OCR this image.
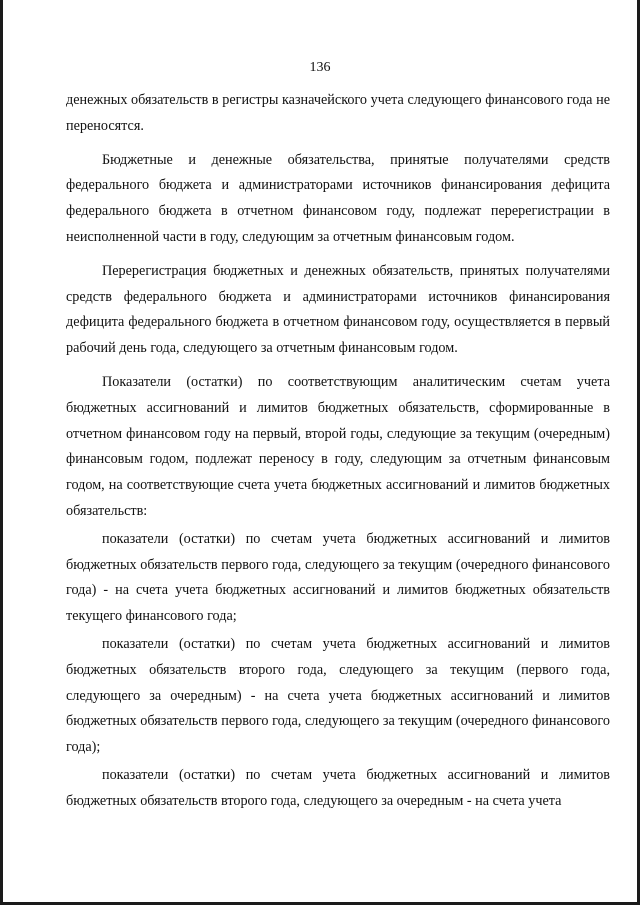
136

денежных обязательств в регистры казначейского учета следующего финансового года не переносятся.

Бюджетные и денежные обязательства, принятые получателями средств федерального бюджета и администраторами источников финансирования дефицита федерального бюджета в отчетном финансовом году, подлежат перерегистрации в неисполненной части в году, следующим за отчетным финансовым годом.

Перерегистрация бюджетных и денежных обязательств, принятых получателями средств федерального бюджета и администраторами источников финансирования дефицита федерального бюджета в отчетном финансовом году, осуществляется в первый рабочий день года, следующего за отчетным финансовым годом.

Показатели (остатки) по соответствующим аналитическим счетам учета бюджетных ассигнований и лимитов бюджетных обязательств, сформированные в отчетном финансовом году на первый, второй годы, следующие за текущим (очередным) финансовым годом, подлежат переносу в году, следующим за отчетным финансовым годом, на соответствующие счета учета бюджетных ассигнований и лимитов бюджетных обязательств:

показатели (остатки) по счетам учета бюджетных ассигнований и лимитов бюджетных обязательств первого года, следующего за текущим (очередного финансового года) - на счета учета бюджетных ассигнований и лимитов бюджетных обязательств текущего финансового года;

показатели (остатки) по счетам учета бюджетных ассигнований и лимитов бюджетных обязательств второго года, следующего за текущим (первого года, следующего за очередным) - на счета учета бюджетных ассигнований и лимитов бюджетных обязательств первого года, следующего за текущим (очередного финансового года);

показатели (остатки) по счетам учета бюджетных ассигнований и лимитов бюджетных обязательств второго года, следующего за очередным - на счета учета
